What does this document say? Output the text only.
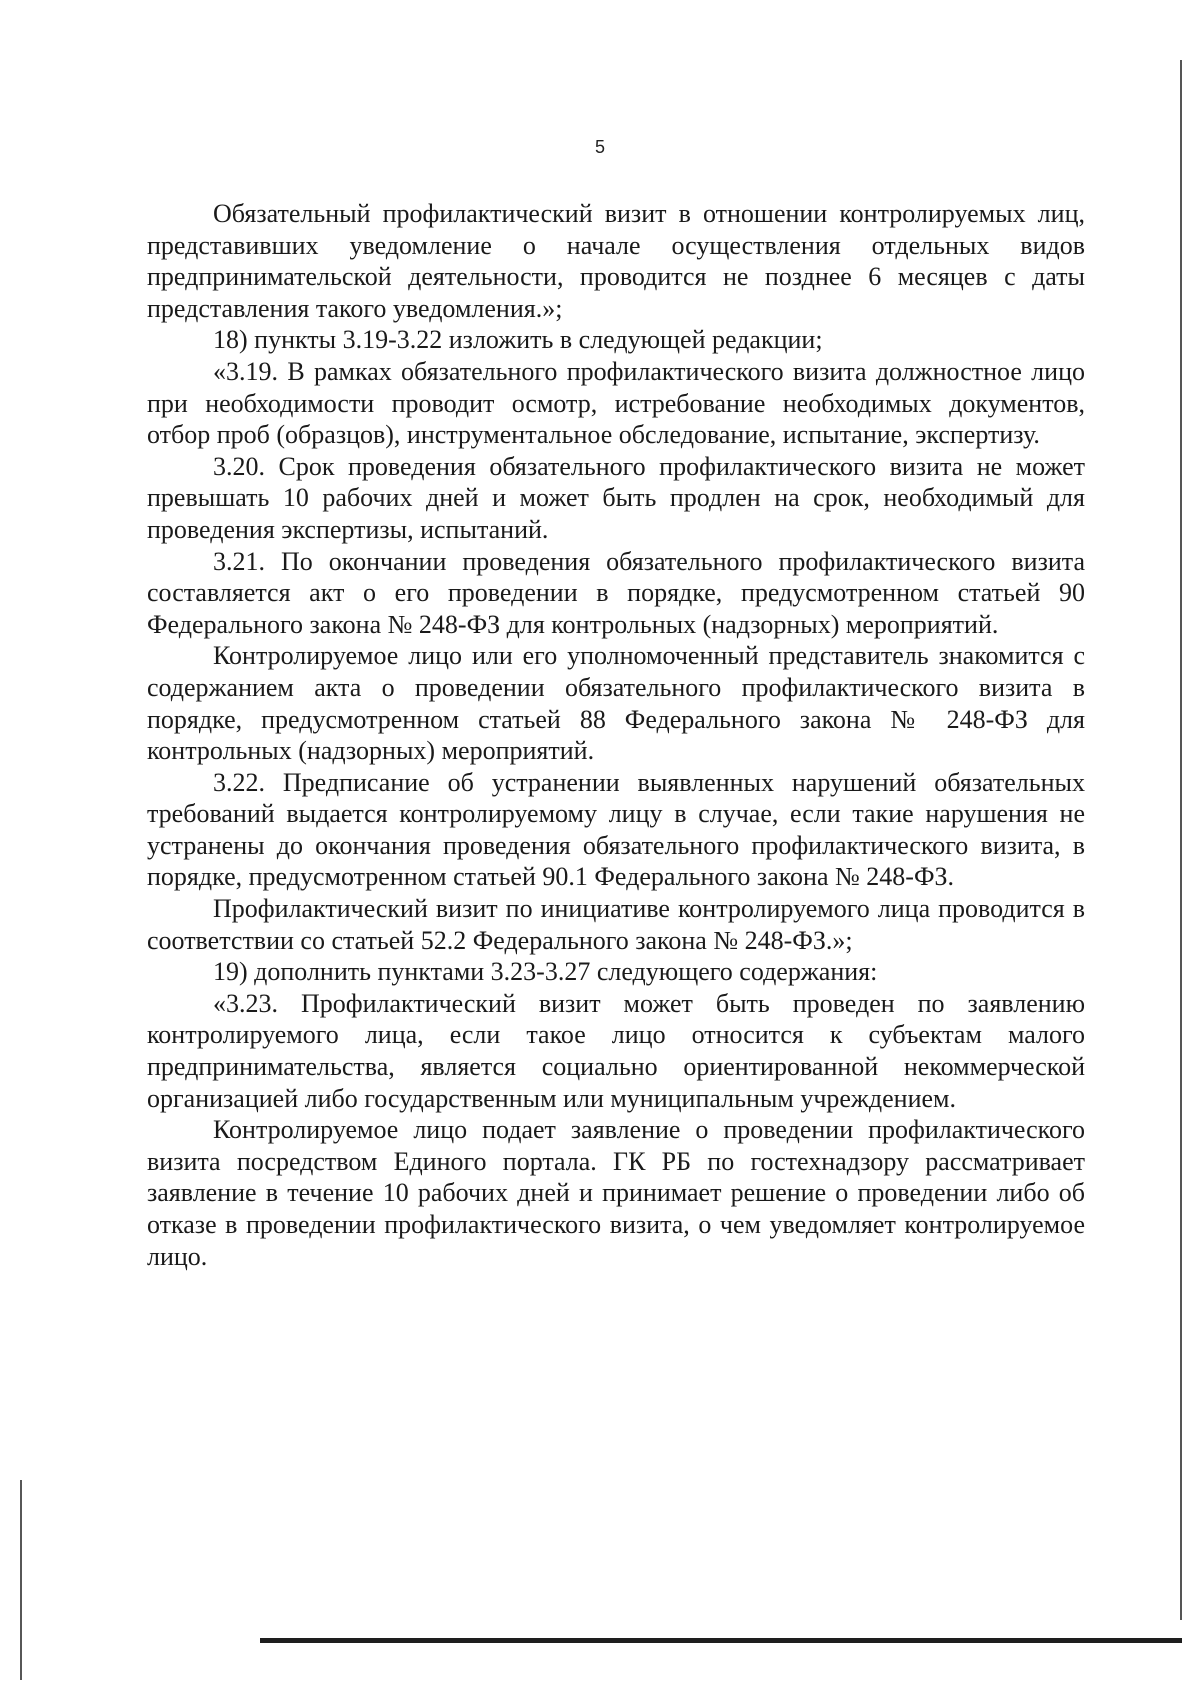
5

Обязательный профилактический визит в отношении контролируемых лиц, представивших уведомление о начале осуществления отдельных видов предпринимательской деятельности, проводится не позднее 6 месяцев с даты представления такого уведомления.»;

18) пункты 3.19-3.22 изложить в следующей редакции;

«3.19. В рамках обязательного профилактического визита должностное лицо при необходимости проводит осмотр, истребование необходимых документов, отбор проб (образцов), инструментальное обследование, испытание, экспертизу.

3.20. Срок проведения обязательного профилактического визита не может превышать 10 рабочих дней и может быть продлен на срок, необходимый для проведения экспертизы, испытаний.

3.21. По окончании проведения обязательного профилактического визита составляется акт о его проведении в порядке, предусмотренном статьей 90 Федерального закона № 248-ФЗ для контрольных (надзорных) мероприятий.

Контролируемое лицо или его уполномоченный представитель знакомится с содержанием акта о проведении обязательного профилактического визита в порядке, предусмотренном статьей 88 Федерального закона № 248-ФЗ для контрольных (надзорных) мероприятий.

3.22. Предписание об устранении выявленных нарушений обязательных требований выдается контролируемому лицу в случае, если такие нарушения не устранены до окончания проведения обязательного профилактического визита, в порядке, предусмотренном статьей 90.1 Федерального закона № 248-ФЗ.

Профилактический визит по инициативе контролируемого лица проводится в соответствии со статьей 52.2 Федерального закона № 248-ФЗ.»;

19) дополнить пунктами 3.23-3.27 следующего содержания:

«3.23. Профилактический визит может быть проведен по заявлению контролируемого лица, если такое лицо относится к субъектам малого предпринимательства, является социально ориентированной некоммерческой организацией либо государственным или муниципальным учреждением.

Контролируемое лицо подает заявление о проведении профилактического визита посредством Единого портала. ГК РБ по гостехнадзору рассматривает заявление в течение 10 рабочих дней и принимает решение о проведении либо об отказе в проведении профилактического визита, о чем уведомляет контролируемое лицо.
